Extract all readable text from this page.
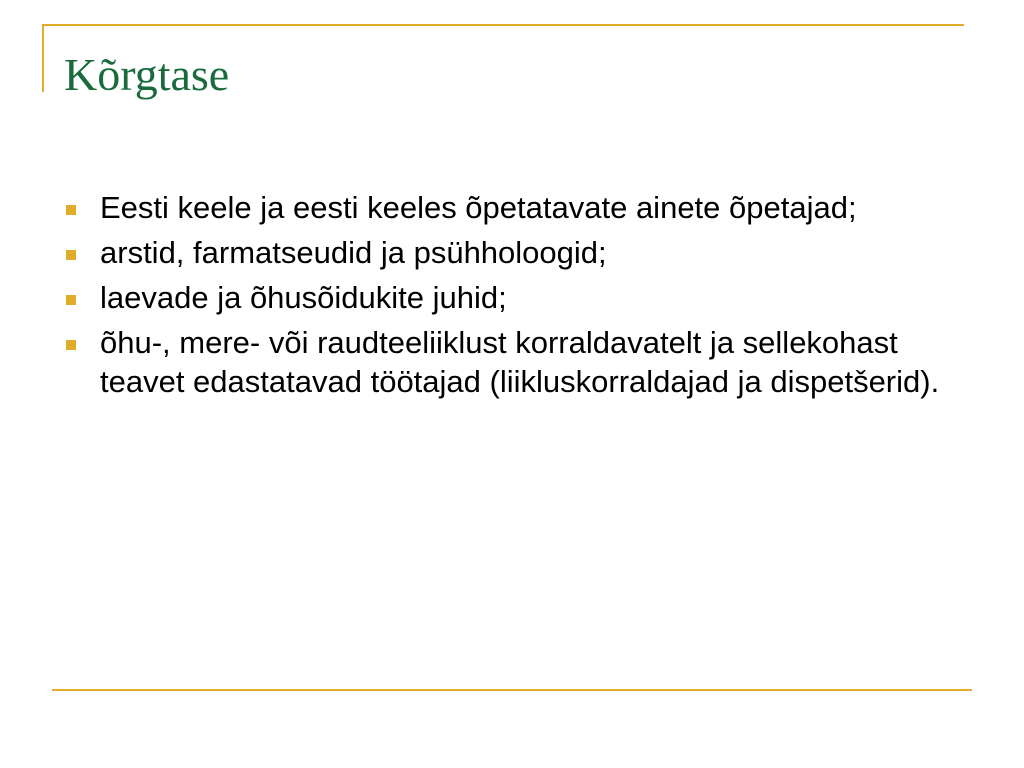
Kõrgtase
Eesti keele ja eesti keeles õpetatavate ainete õpetajad;
arstid, farmatseudid ja psühholoogid;
laevade ja õhusõidukite juhid;
õhu-, mere- või raudteeliiklust korraldavatelt ja sellekohast teavet edastatavad töötajad (liikluskorraldajad ja dispetšerid).
